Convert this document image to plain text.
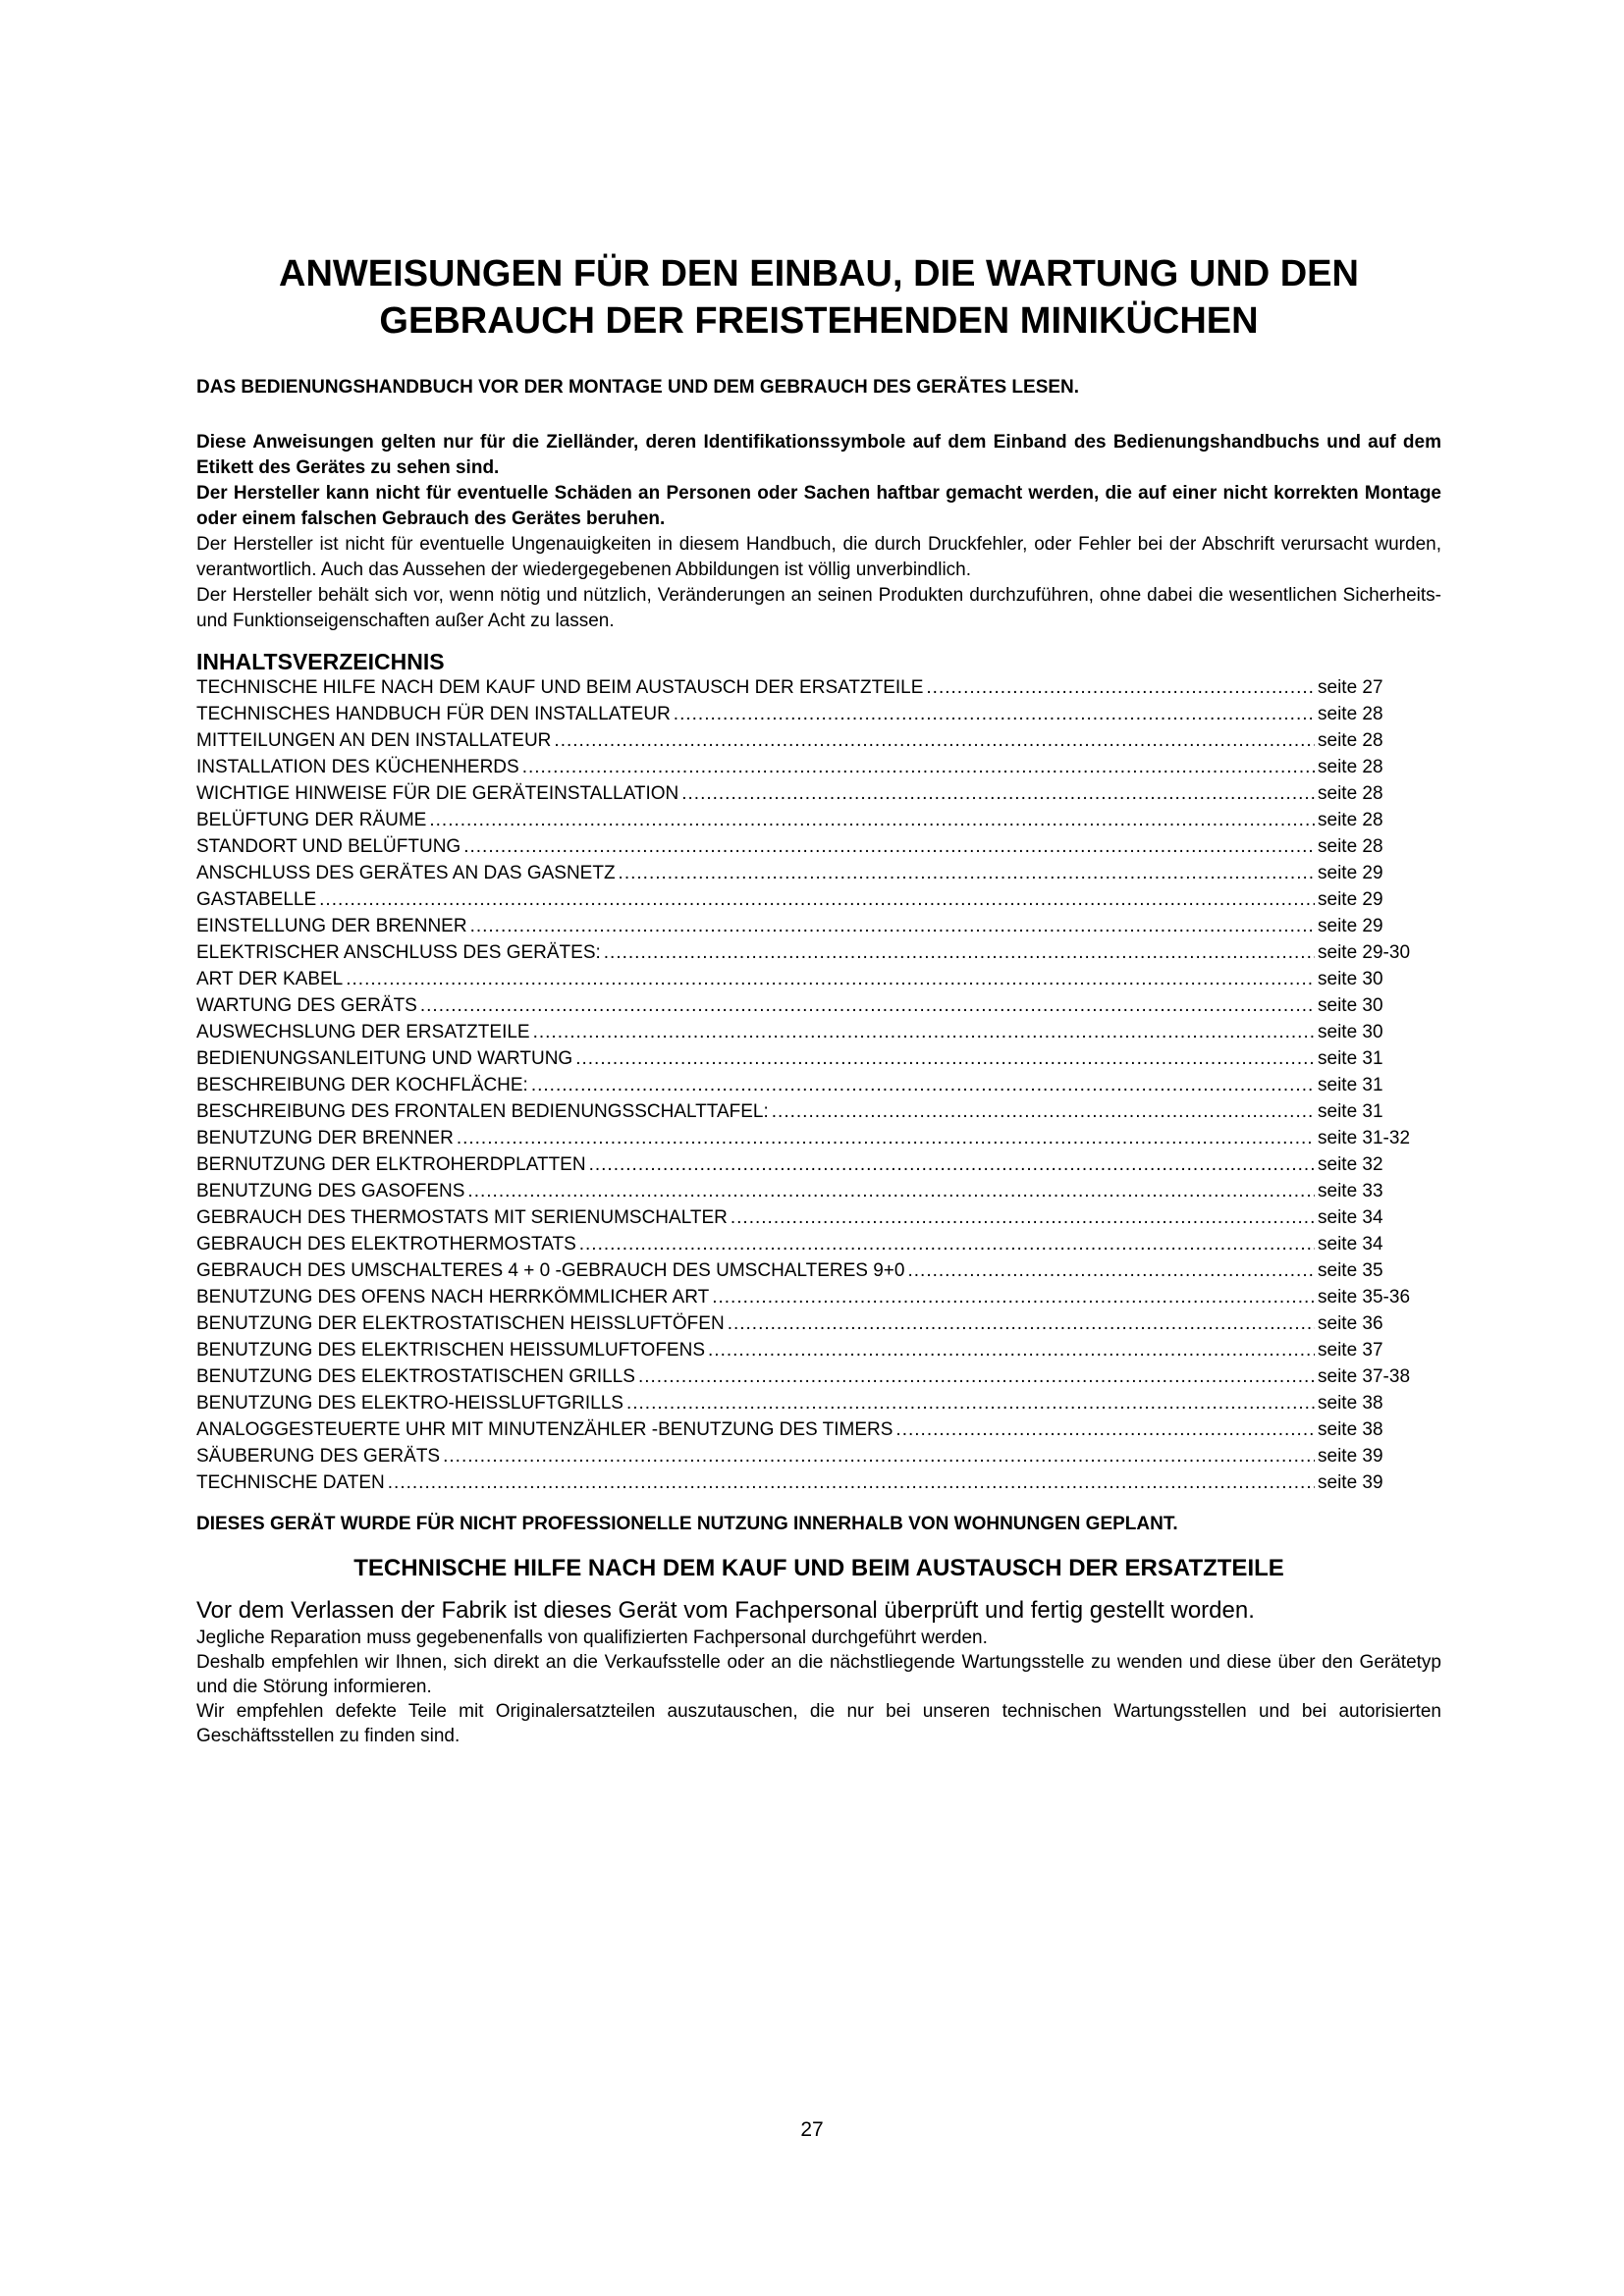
ANWEISUNGEN FÜR DEN EINBAU, DIE WARTUNG UND DEN
GEBRAUCH DER FREISTEHENDEN MINIKÜCHEN

DAS BEDIENUNGSHANDBUCH VOR DER MONTAGE UND DEM GEBRAUCH DES GERÄTES LESEN.

Diese Anweisungen gelten nur für die Zielländer, deren Identifikationssymbole auf dem Einband des Bedienungshandbuchs und auf dem Etikett des Gerätes zu sehen sind.

Der Hersteller kann nicht für eventuelle Schäden an Personen oder Sachen haftbar gemacht werden, die auf einer nicht korrekten Montage oder einem falschen Gebrauch des Gerätes beruhen.

Der Hersteller ist nicht für eventuelle Ungenauigkeiten in diesem Handbuch, die durch Druckfehler, oder Fehler bei der Abschrift verursacht wurden, verantwortlich. Auch das Aussehen der wiedergegebenen Abbildungen ist völlig unverbindlich.

Der Hersteller behält sich vor, wenn nötig und nützlich, Veränderungen an seinen Produkten durchzuführen, ohne dabei die wesentlichen Sicherheits- und Funktionseigenschaften außer Acht zu lassen.

INHALTSVERZEICHNIS
TECHNISCHE HILFE NACH DEM KAUF UND BEIM AUSTAUSCH DER ERSATZTEILE .....	seite 27
TECHNISCHES HANDBUCH FÜR DEN INSTALLATEUR .....	seite 28
MITTEILUNGEN AN DEN INSTALLATEUR .....	seite 28
INSTALLATION DES KÜCHENHERDS .....	seite 28
WICHTIGE HINWEISE FÜR DIE GERÄTEINSTALLATION .....	seite 28
BELÜFTUNG DER RÄUME .....	seite 28
STANDORT UND BELÜFTUNG .....	seite 28
ANSCHLUSS DES GERÄTES AN DAS GASNETZ .....	seite 29
GASTABELLE .....	seite 29
EINSTELLUNG DER BRENNER .....	seite 29
ELEKTRISCHER ANSCHLUSS DES GERÄTES: .....	seite 29-30
ART DER KABEL .....	seite 30
WARTUNG DES GERÄTS .....	seite 30
AUSWECHSLUNG DER ERSATZTEILE .....	seite 30
BEDIENUNGSANLEITUNG UND WARTUNG .....	seite 31
BESCHREIBUNG DER KOCHFLÄCHE: .....	seite 31
BESCHREIBUNG DES FRONTALEN BEDIENUNGSSCHALTTAFEL: .....	seite 31
BENUTZUNG DER BRENNER .....	seite 31-32
BERNUTZUNG DER ELKTROHERDPLATTEN .....	seite 32
BENUTZUNG DES GASOFENS .....	seite 33
GEBRAUCH DES THERMOSTATS MIT SERIENUMSCHALTER .....	seite 34
GEBRAUCH DES ELEKTROTHERMOSTATS .....	seite 34
GEBRAUCH DES UMSCHALTERES 4 + 0 -GEBRAUCH DES UMSCHALTERES 9+0 .....	seite 35
BENUTZUNG DES OFENS NACH HERRKÖMMLICHER ART .....	seite 35-36
BENUTZUNG DER ELEKTROSTATISCHEN HEISSLUFTÖFEN .....	seite 36
BENUTZUNG DES ELEKTRISCHEN HEISSUMLUFTOFENS .....	seite 37
BENUTZUNG DES ELEKTROSTATISCHEN GRILLS .....	seite 37-38
BENUTZUNG DES ELEKTRO-HEISSLUFTGRILLS .....	seite 38
ANALOGGESTEUERTE UHR MIT MINUTENZÄHLER -BENUTZUNG DES TIMERS .....	seite 38
SÄUBERUNG DES GERÄTS .....	seite 39
TECHNISCHE DATEN .....	seite 39

DIESES GERÄT WURDE FÜR NICHT PROFESSIONELLE NUTZUNG INNERHALB VON WOHNUNGEN GEPLANT.

TECHNISCHE HILFE NACH DEM KAUF UND BEIM AUSTAUSCH DER ERSATZTEILE

Vor dem Verlassen der Fabrik ist dieses Gerät vom Fachpersonal überprüft und fertig gestellt worden.

Jegliche Reparation muss gegebenenfalls von qualifizierten Fachpersonal durchgeführt werden.

Deshalb empfehlen wir Ihnen, sich direkt an die Verkaufsstelle oder an die nächstliegende Wartungsstelle zu wenden und diese über den Gerätetyp und die Störung informieren.

Wir empfehlen defekte Teile mit Originalersatzteilen auszutauschen, die nur bei unseren technischen Wartungsstellen und bei autorisierten Geschäftsstellen zu finden sind.

27
